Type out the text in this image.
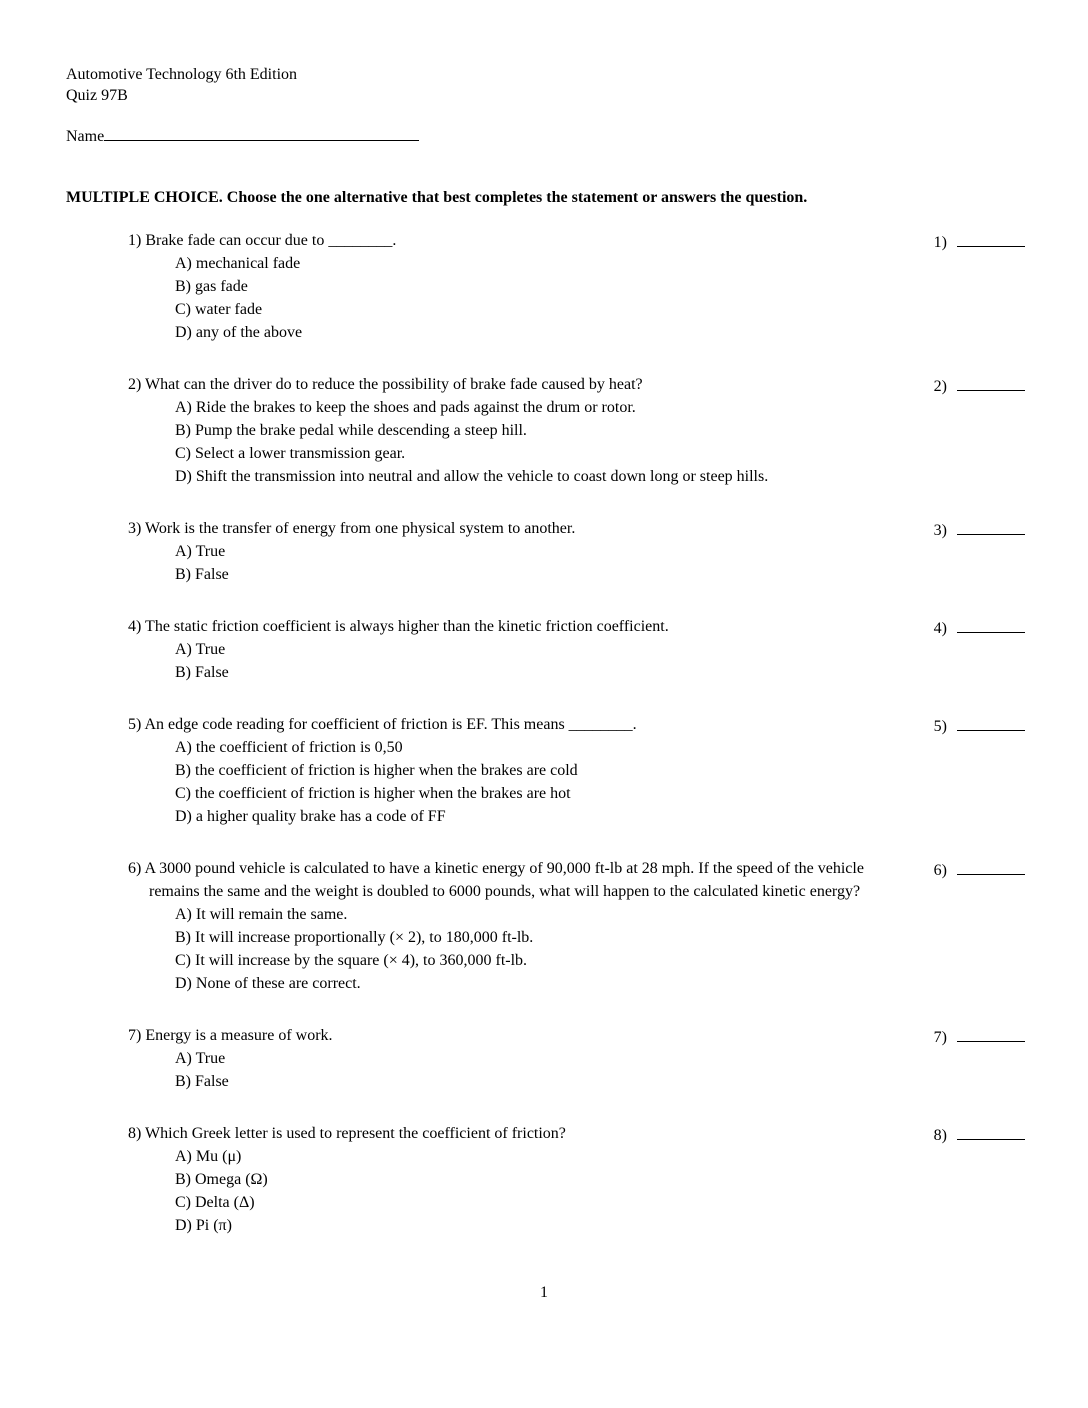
Automotive Technology 6th Edition
Quiz 97B
Name
MULTIPLE CHOICE. Choose the one alternative that best completes the statement or answers the question.
1) Brake fade can occur due to ________.
A) mechanical fade
B) gas fade
C) water fade
D) any of the above
1)
2) What can the driver do to reduce the possibility of brake fade caused by heat?
A) Ride the brakes to keep the shoes and pads against the drum or rotor.
B) Pump the brake pedal while descending a steep hill.
C) Select a lower transmission gear.
D) Shift the transmission into neutral and allow the vehicle to coast down long or steep hills.
2)
3) Work is the transfer of energy from one physical system to another.
A) True
B) False
3)
4) The static friction coefficient is always higher than the kinetic friction coefficient.
A) True
B) False
4)
5) An edge code reading for coefficient of friction is EF. This means ________.
A) the coefficient of friction is 0,50
B) the coefficient of friction is higher when the brakes are cold
C) the coefficient of friction is higher when the brakes are hot
D) a higher quality brake has a code of FF
5)
6) A 3000 pound vehicle is calculated to have a kinetic energy of 90,000 ft-lb at 28 mph. If the speed of the vehicle remains the same and the weight is doubled to 6000 pounds, what will happen to the calculated kinetic energy?
A) It will remain the same.
B) It will increase proportionally (× 2), to 180,000 ft-lb.
C) It will increase by the square (× 4), to 360,000 ft-lb.
D) None of these are correct.
6)
7) Energy is a measure of work.
A) True
B) False
7)
8) Which Greek letter is used to represent the coefficient of friction?
A) Mu (μ)
B) Omega (Ω)
C) Delta (Δ)
D) Pi (π)
8)
1
